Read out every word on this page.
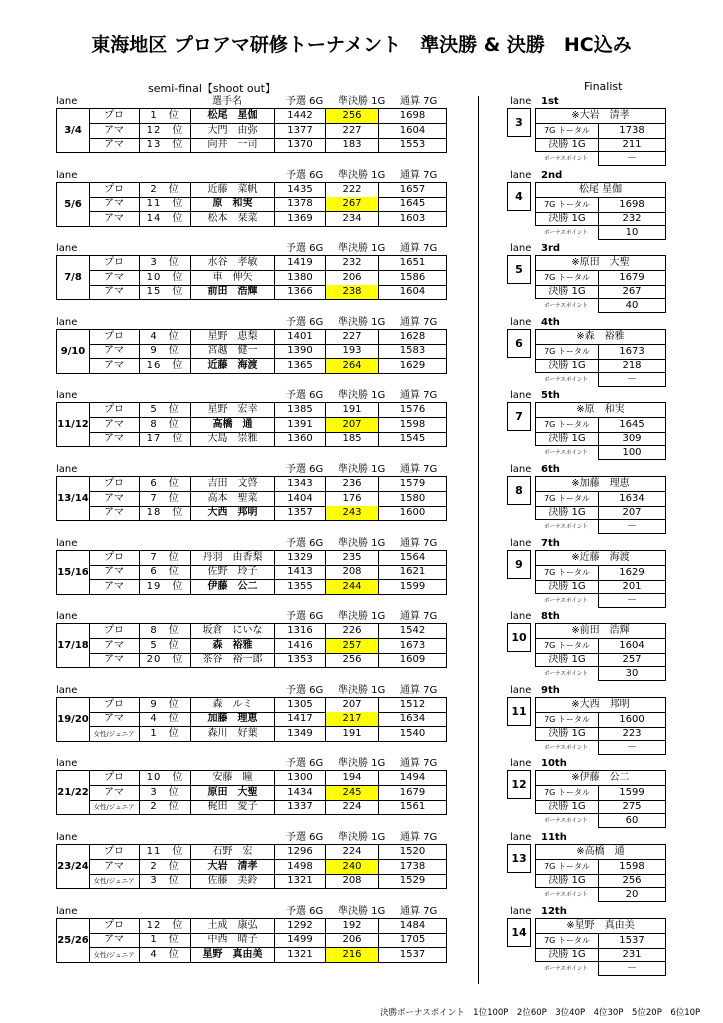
東海地区 プロアマ研修トーナメント　準決勝 & 決勝　HC込み
semi-final【shoot out】	Finalist
lane	選手名	予選 6G 準決勝 1G 通算 7G	lane 1st
3/4
プロ	1　 位	松尾　星伽	1442	256	1698
アマ	12　 位	大門　由弥	1377	227	1604
アマ	13　 位	向井　一司	1370	183	1553
3
※大岩　清孝
7G トータル	1738
決勝 1G	211
ボーナスポイント	－
lane	予選 6G 準決勝 1G 通算 7G	lane 2nd
5/6
プロ	2　 位	近藤　菜帆	1435	222	1657
アマ	11　 位	原　和実	1378	267	1645
アマ	14　 位	松本　栞菜	1369	234	1603
4
松尾 星伽
7G トータル	1698
決勝 1G	232
ボーナスポイント	10
lane	予選 6G 準決勝 1G 通算 7G	lane 3rd
7/8
プロ	3　 位	水谷　孝敏	1419	232	1651
アマ	10　 位	車　伸矢	1380	206	1586
アマ	15　 位	前田　浩輝	1366	238	1604
5
※原田　大聖
7G トータル	1679
決勝 1G	267
ボーナスポイント	40
lane	予選 6G 準決勝 1G 通算 7G	lane 4th
9/10
プロ	4　 位	星野　恵梨	1401	227	1628
アマ	9　 位	宮越　健一	1390	193	1583
アマ	16　 位	近藤　海渡	1365	264	1629
6
※森　裕雅
7G トータル	1673
決勝 1G	218
ボーナスポイント	－
lane	予選 6G 準決勝 1G 通算 7G	lane 5th
11/12
プロ	5　 位	星野　宏幸	1385	191	1576
アマ	8　 位	高橋　通	1391	207	1598
アマ	17　 位	大島　崇雅	1360	185	1545
7
※原　和実
7G トータル	1645
決勝 1G	309
ボーナスポイント	100
lane	予選 6G 準決勝 1G 通算 7G	lane 6th
13/14
プロ	6　 位	吉田　文啓	1343	236	1579
アマ	7　 位	高本　聖菜	1404	176	1580
アマ	18　 位	大西　邦明	1357	243	1600
8
※加藤　理恵
7G トータル	1634
決勝 1G	207
ボーナスポイント	－
lane	予選 6G 準決勝 1G 通算 7G	lane 7th
15/16
プロ	7　 位	丹羽　由香梨	1329	235	1564
アマ	6　 位	佐野　玲子	1413	208	1621
アマ	19　 位	伊藤　公二	1355	244	1599
9
※近藤　海渡
7G トータル	1629
決勝 1G	201
ボーナスポイント	－
lane	予選 6G 準決勝 1G 通算 7G	lane 8th
17/18
プロ	8　 位	坂倉　にいな	1316	226	1542
アマ	5　 位	森　裕雅	1416	257	1673
アマ	20　 位	茶谷　裕一郎	1353	256	1609
10
※前田　浩輝
7G トータル	1604
決勝 1G	257
ボーナスポイント	30
lane	予選 6G 準決勝 1G 通算 7G	lane 9th
19/20
プロ	9　 位	森　ルミ	1305	207	1512
アマ	4　 位	加藤　理恵	1417	217	1634
女性/ジュニア	1　 位	森川　好葉	1349	191	1540
11
※大西　邦明
7G トータル	1600
決勝 1G	223
ボーナスポイント	－
lane	予選 6G 準決勝 1G 通算 7G	lane 10th
21/22
プロ	10　 位	安藤　瞳	1300	194	1494
アマ	3　 位	原田　大聖	1434	245	1679
女性/ジュニア	2　 位	梶田　愛子	1337	224	1561
12
※伊藤　公二
7G トータル	1599
決勝 1G	275
ボーナスポイント	60
lane	予選 6G 準決勝 1G 通算 7G	lane 11th
23/24
プロ	11　 位	石野　宏	1296	224	1520
アマ	2　 位	大岩　清孝	1498	240	1738
女性/ジュニア	3　 位	佐藤　美鈴	1321	208	1529
13
※高橋　通
7G トータル	1598
決勝 1G	256
ボーナスポイント	20
lane	予選 6G 準決勝 1G 通算 7G	lane 12th
25/26
プロ	12　 位	土成　康弘	1292	192	1484
アマ	1　 位	中西　晴子	1499	206	1705
女性/ジュニア	4　 位	星野　真由美	1321	216	1537
14
※星野　真由美
7G トータル	1537
決勝 1G	231
ボーナスポイント	－
決勝ボーナスポイント　1位100P　2位60P　3位40P　4位30P　5位20P　6位10P
